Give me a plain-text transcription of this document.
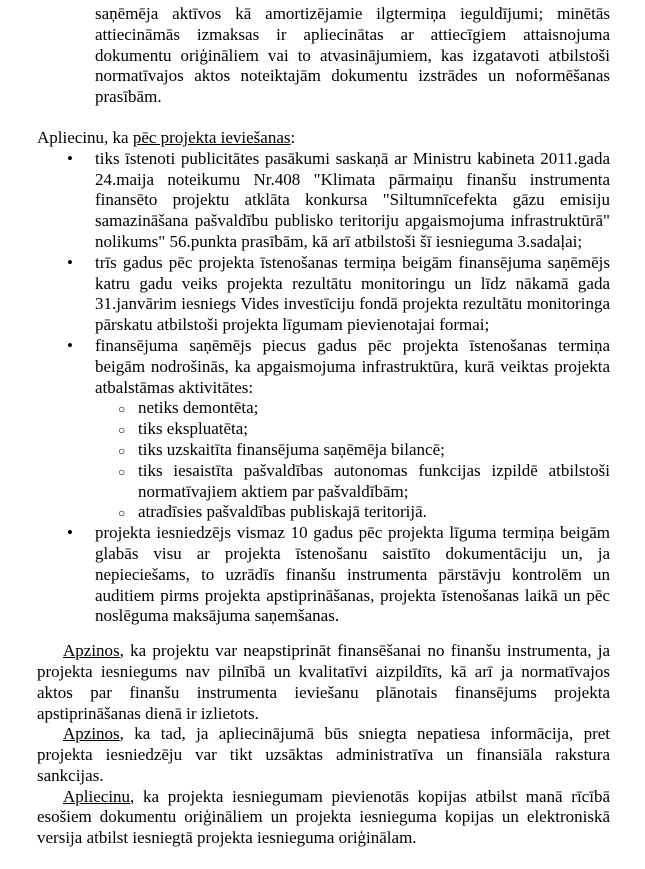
saņēmēja aktīvos kā amortizējamie ilgtermiņa ieguldījumi; minētās attiecināmās izmaksas ir apliecinātas ar attiecīgiem attaisnojuma dokumentu oriģināliem vai to atvasinājumiem, kas izgatavoti atbilstoši normatīvajos aktos noteiktajām dokumentu izstrādes un noformēšanas prasībām.

Apliecinu, ka pēc projekta ieviešanas:

• tiks īstenoti publicitātes pasākumi saskaņā ar Ministru kabineta 2011.gada 24.maija noteikumu Nr.408 "Klimata pārmaiņu finanšu instrumenta finansēto projektu atklāta konkursa "Siltumnīcefekta gāzu emisiju samazināšana pašvaldību publisko teritoriju apgaismojuma infrastruktūrā" nolikums" 56.punkta prasībām, kā arī atbilstoši šī iesnieguma 3.sadaļai;
• trīs gadus pēc projekta īstenošanas termiņa beigām finansējuma saņēmējs katru gadu veiks projekta rezultātu monitoringu un līdz nākamā gada 31.janvārim iesniegs Vides investīciju fondā projekta rezultātu monitoringa pārskatu atbilstoši projekta līgumam pievienotajai formai;
• finansējuma saņēmējs piecus gadus pēc projekta īstenošanas termiņa beigām nodrošinās, ka apgaismojuma infrastruktūra, kurā veiktas projekta atbalstāmas aktivitātes:
○ netiks demontēta;
○ tiks ekspluatēta;
○ tiks uzskaitīta finansējuma saņēmēja bilancē;
○ tiks iesaistīta pašvaldības autonomas funkcijas izpildē atbilstoši normatīvajiem aktiem par pašvaldībām;
○ atradīsies pašvaldības publiskajā teritorijā.
• projekta iesniedzējs vismaz 10 gadus pēc projekta līguma termiņa beigām glabās visu ar projekta īstenošanu saistīto dokumentāciju un, ja nepieciešams, to uzrādīs finanšu instrumenta pārstāvju kontrolēm un auditiem pirms projekta apstiprināšanas, projekta īstenošanas laikā un pēc noslēguma maksājuma saņemšanas.

Apzinos, ka projektu var neapstiprināt finansēšanai no finanšu instrumenta, ja projekta iesniegums nav pilnībā un kvalitatīvi aizpildīts, kā arī ja normatīvajos aktos par finanšu instrumenta ieviešanu plānotais finansējums projekta apstiprināšanas dienā ir izlietots.

Apzinos, ka tad, ja apliecinājumā būs sniegta nepatiesa informācija, pret projekta iesniedzēju var tikt uzsāktas administratīva un finansiāla rakstura sankcijas.

Apliecinu, ka projekta iesniegumam pievienotās kopijas atbilst manā rīcībā esošiem dokumentu oriģināliem un projekta iesnieguma kopijas un elektroniskā versija atbilst iesniegtā projekta iesnieguma oriģinālam.
